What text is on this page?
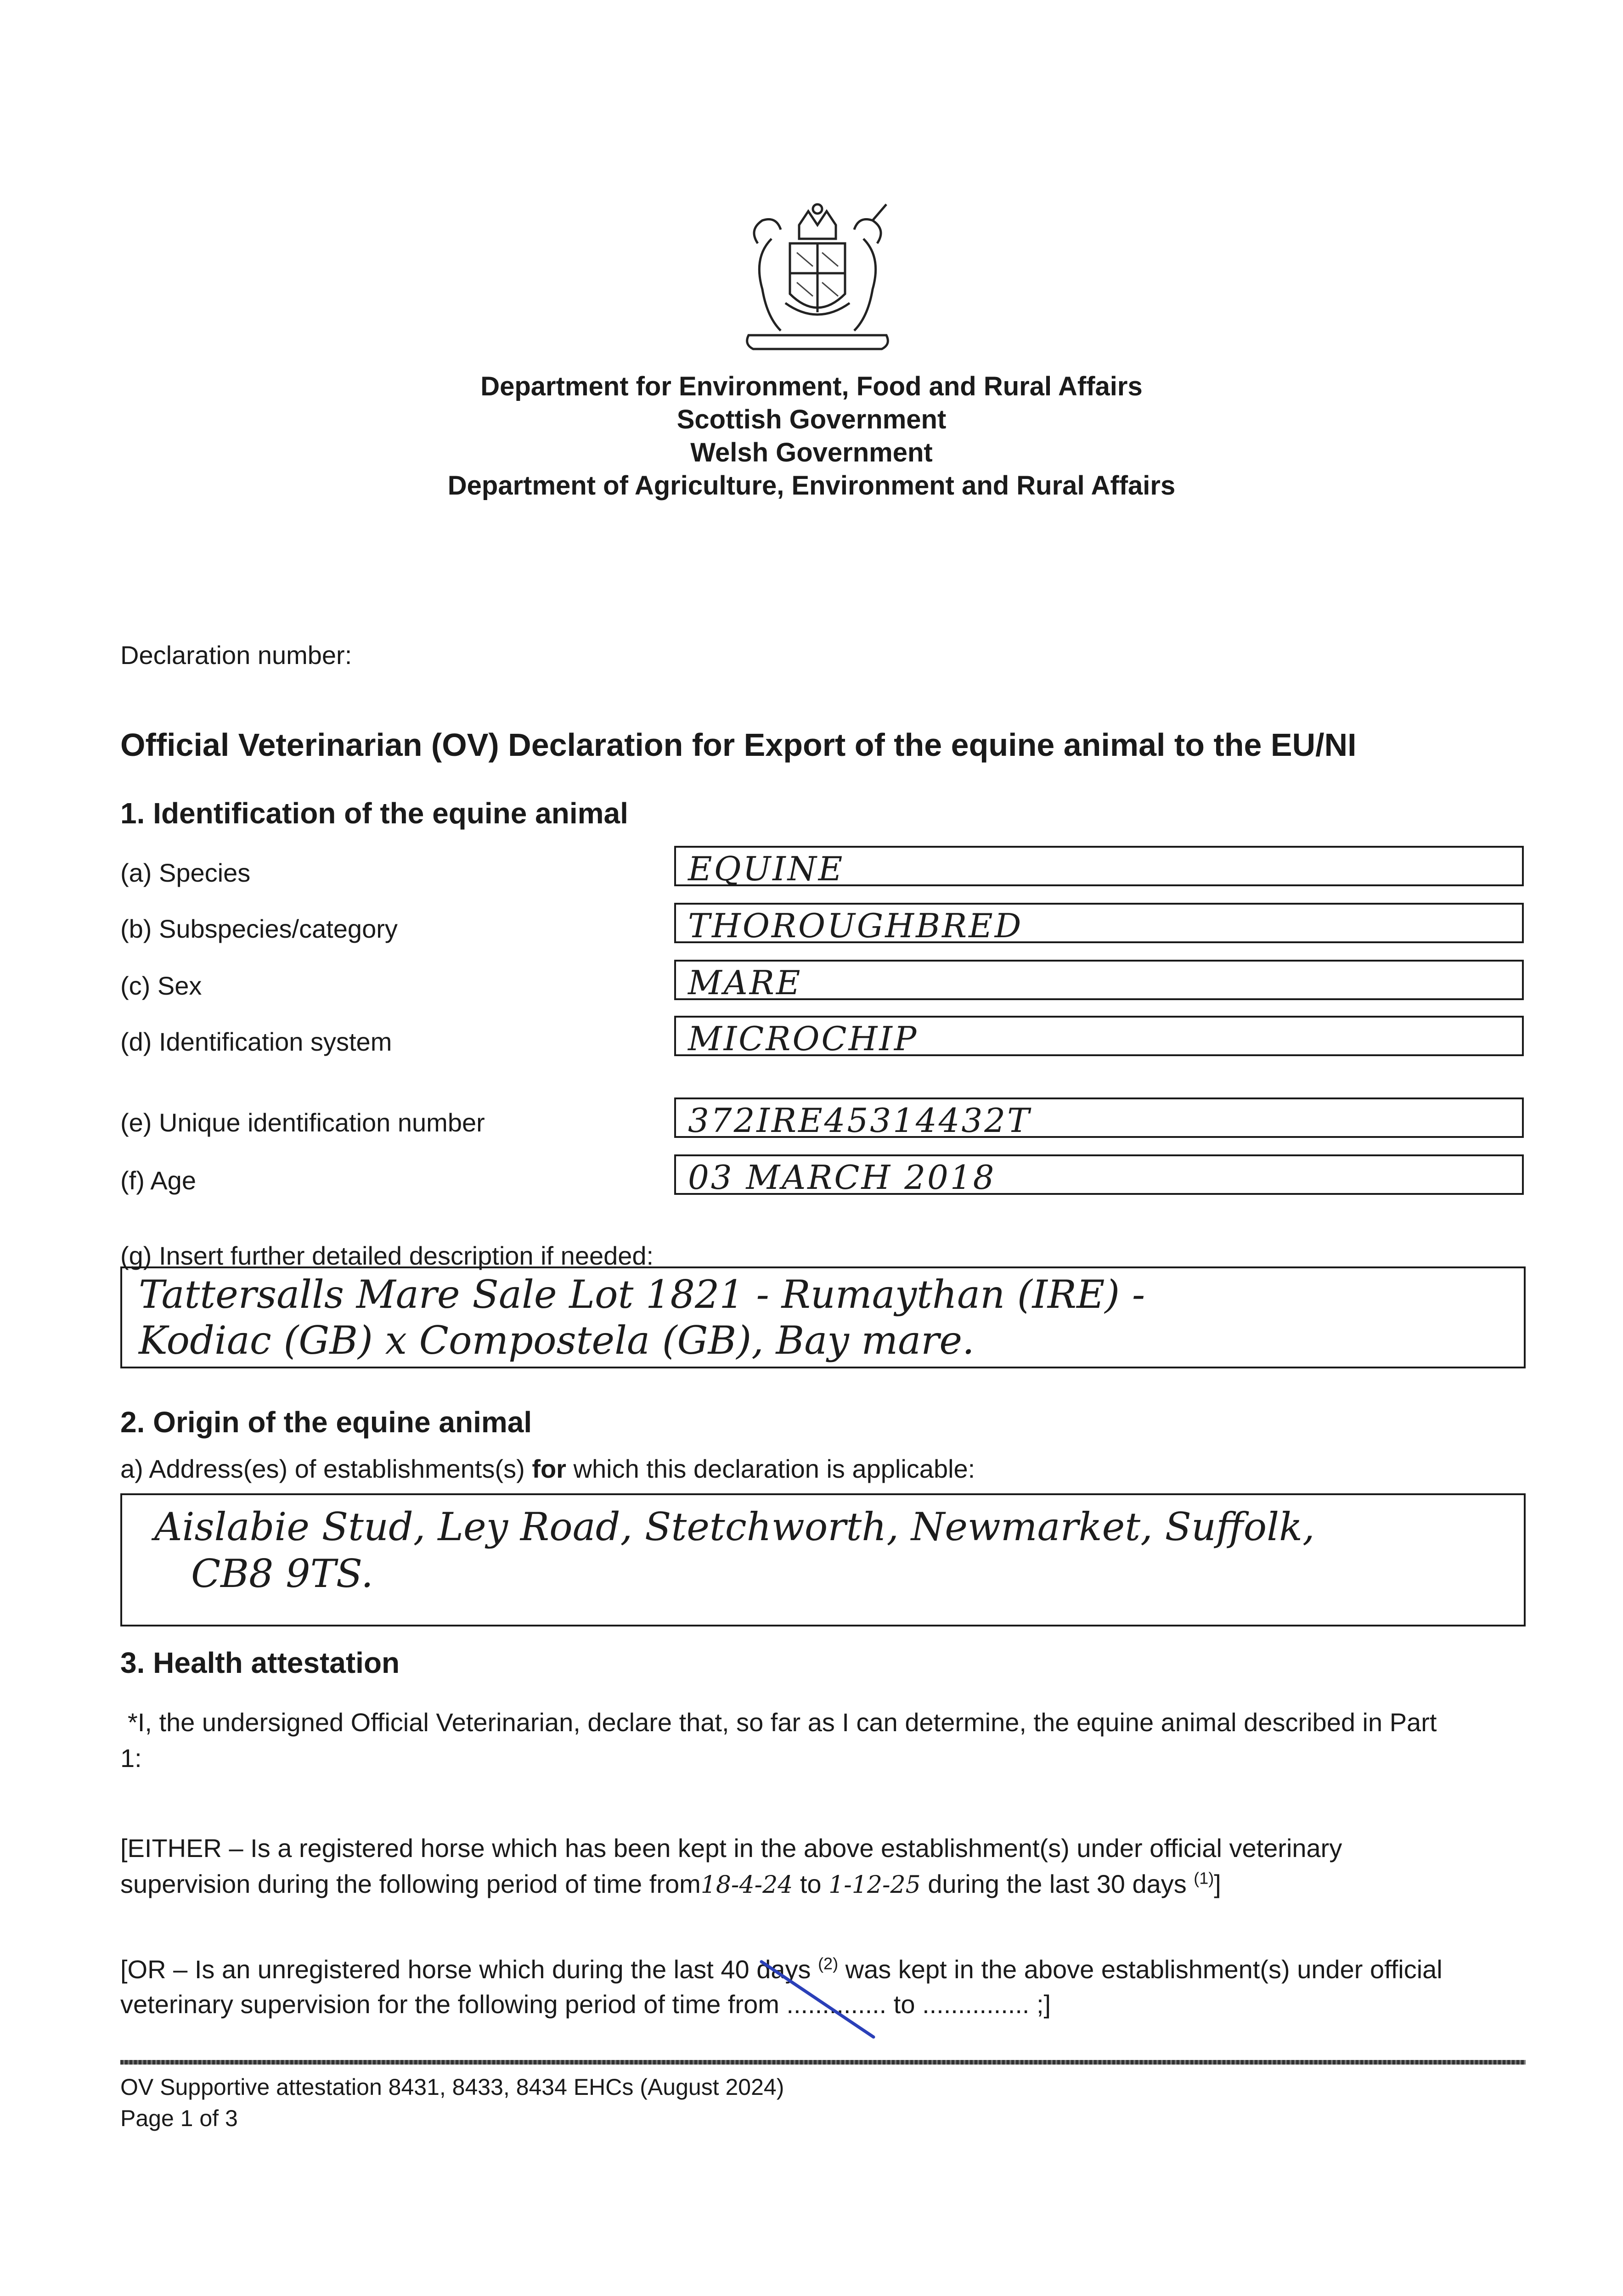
Department for Environment, Food and Rural Affairs
Scottish Government
Welsh Government
Department of Agriculture, Environment and Rural Affairs
Declaration number:
Official Veterinarian (OV) Declaration for Export of the equine animal to the EU/NI
1. Identification of the equine animal
(a) Species	EQUINE
(b) Subspecies/category	THOROUGHBRED
(c) Sex	MARE
(d) Identification system	MICROCHIP
(e) Unique identification number	372IRE45314432T
(f) Age	03 MARCH 2018
(g) Insert further detailed description if needed:
Tattersalls Mare Sale Lot 1821 - Rumaythan (IRE) -
Kodiac (GB) x Compostela (GB), Bay mare.
2. Origin of the equine animal
a) Address(es) of establishments(s) for which this declaration is applicable:
Aislabie Stud, Ley Road, Stetchworth, Newmarket, Suffolk,
CB8 9TS.
3. Health attestation
*I, the undersigned Official Veterinarian, declare that, so far as I can determine, the equine animal described in Part
1:
[EITHER – Is a registered horse which has been kept in the above establishment(s) under official veterinary
supervision during the following period of time from18-4-24 to 1-12-25 during the last 30 days $^{(1)}$]
[OR – Is an unregistered horse which during the last 40 days $^{(2)}$ was kept in the above establishment(s) under official
veterinary supervision for the following period of time from .............. to ............... ;]
OV Supportive attestation 8431, 8433, 8434 EHCs (August 2024)
Page 1 of 3
